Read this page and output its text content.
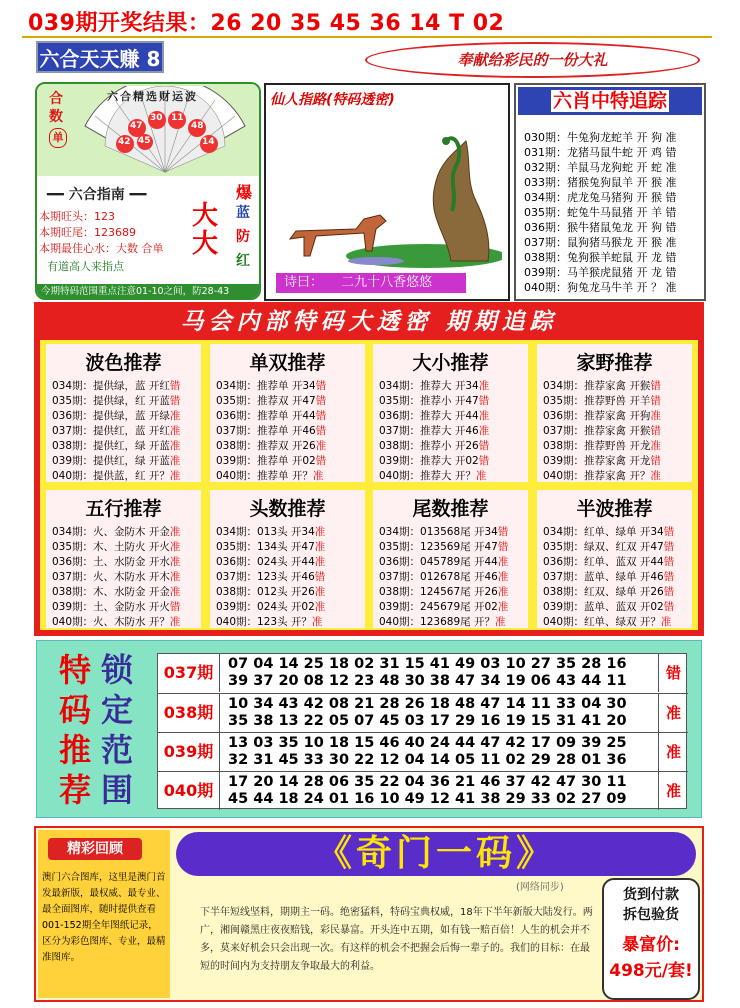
039期开奖结果：26 20 35 45 36 14 T 02
六合天天赚 8	奉献给彩民的一份大礼
合
数
单
六合精选财运波
47
30 11
48
42	14
45
━━ 六合指南 ━━
本期旺头：123
本期旺尾：123689
本期最佳心水：大数 合单
有道高人来指点
大大
爆
蓝
防
红
今期特码范围重点注意01-10之间，防28-43
仙人指路(特码透密)
诗曰： 二九十八香悠悠
六肖中特追踪
030期：牛兔狗龙蛇羊 开 狗 准
031期：龙猪马鼠牛蛇 开 鸡 错
032期：羊鼠马龙狗蛇 开 蛇 准
033期：猪猴兔狗鼠羊 开 猴 准
034期：虎龙兔马猪狗 开 猴 错
035期：蛇兔牛马鼠猪 开 羊 错
036期：猴牛猪鼠兔龙 开 狗 错
037期：鼠狗猪马猴龙 开 猴 准
038期：兔狗猴羊蛇鼠 开 龙 错
039期：马羊猴虎鼠猪 开 龙 错
040期：狗兔龙马牛羊 开 ？ 准
马会内部特码大透密 期期追踪
波色推荐
034期：提供绿，蓝 开红错
035期：提供绿，红 开蓝错
036期：提供绿，蓝 开绿准
037期：提供红，蓝 开红准
038期：提供红，绿 开蓝准
039期：提供红，绿 开蓝准
040期：提供蓝，红 开？准
单双推荐
034期：推荐单 开34错
035期：推荐双 开47错
036期：推荐单 开44错
037期：推荐单 开46错
038期：推荐双 开26准
039期：推荐单 开02错
040期：推荐单 开？准
大小推荐
034期：推荐大 开34准
035期：推荐小 开47错
036期：推荐大 开44准
037期：推荐大 开46准
038期：推荐小 开26错
039期：推荐大 开02错
040期：推荐大 开？准
家野推荐
034期：推荐家禽 开猴错
035期：推荐野兽 开羊错
036期：推荐家禽 开狗准
037期：推荐家禽 开猴错
038期：推荐野兽 开龙准
039期：推荐家禽 开龙错
040期：推荐家禽 开？准
五行推荐
034期：火、金防木 开金准
035期：木、土防火 开火准
036期：土、水防金 开水准
037期：火、木防水 开木准
038期：木、水防金 开金准
039期：土、金防水 开火错
040期：火、木防水 开？准
头数推荐
034期：013头 开34准
035期：134头 开47准
036期：024头 开44准
037期：123头 开46错
038期：012头 开26准
039期：024头 开02准
040期：123头 开？准
尾数推荐
034期：013568尾 开34错
035期：123569尾 开47错
036期：045789尾 开44准
037期：012678尾 开46准
038期：124567尾 开26准
039期：245679尾 开02准
040期：123689尾 开？准
半波推荐
034期：红单、绿单 开34错
035期：绿双、红双 开47错
036期：红单、蓝双 开44错
037期：蓝单、绿单 开46错
038期：红双、绿单 开26错
039期：蓝单、蓝双 开02错
040期：红单、绿双 开？准
特
码
推
荐
锁
定
范
围
037期	07 04 14 25 18 02 31 15 41 49 03 10 27 35 28 16
39 37 20 08 12 23 48 30 38 47 34 19 06 43 44 11	错
038期	10 34 43 42 08 21 28 26 18 48 47 14 11 33 04 30
35 38 13 22 05 07 45 03 17 29 16 19 15 31 41 20	准
039期	13 03 35 10 18 15 46 40 24 44 47 42 17 09 39 25
32 31 45 33 30 22 12 04 14 05 11 02 29 28 01 36	准
040期	17 20 14 28 06 35 22 04 36 21 46 37 42 47 30 11
45 44 18 24 01 16 10 49 12 41 38 29 33 02 27 09	准
精彩回顾
澳门六合图库，这里是澳门首发最新版，最权威、最专业、最全面图库，随时提供查看001-152期全年图纸记录，区分为彩色图库、专业，最精准图库。
《奇门一码》
(网络同步)
下半年短线坚料，期期主一码。绝密猛料，特码宝典权威，18年下半年新版大陆发行。两广，湘闽赣黑庄夜夜赔钱，彩民暴富。开头连中五期，如有钱一赔百倍！人生的机会并不多，莫来好机会只会出现一次。有这样的机会不把握会后悔一辈子的。我们的目标：在最短的时间内为支持朋友争取最大的利益。
货到付款
拆包验货
暴富价:
498元/套!
